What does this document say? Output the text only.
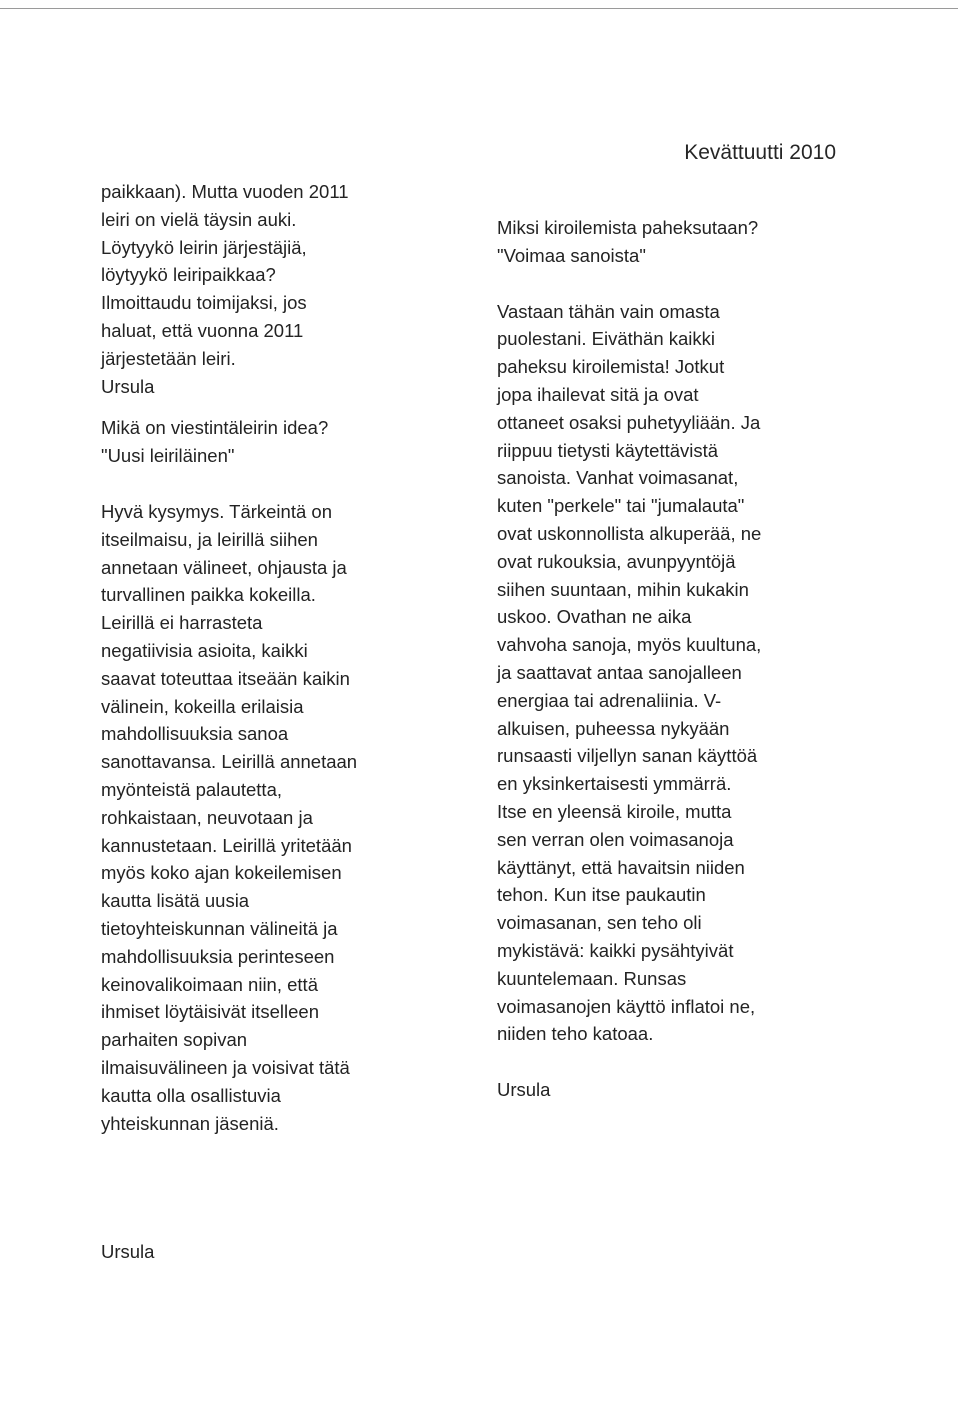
Kevättuutti 2010
paikkaan). Mutta vuoden 2011
leiri on vielä täysin auki.
Löytyykö leirin järjestäjiä,
löytyykö leiripaikkaa?
Ilmoittaudu toimijaksi, jos
haluat, että vuonna 2011
järjestetään leiri.
Ursula
Mikä on viestintäleirin idea?
"Uusi leiriläinen"
Hyvä kysymys. Tärkeintä on
itseilmaisu, ja leirillä siihen
annetaan välineet, ohjausta ja
turvallinen paikka kokeilla.
Leirillä ei harrasteta
negatiivisia asioita, kaikki
saavat toteuttaa itseään kaikin
välinein, kokeilla erilaisia
mahdollisuuksia sanoa
sanottavansa. Leirillä annetaan
myönteistä palautetta,
rohkaistaan, neuvotaan ja
kannustetaan. Leirillä yritetään
myös koko ajan kokeilemisen
kautta lisätä uusia
tietoyhteiskunnan välineitä ja
mahdollisuuksia perinteseen
keinovalikoimaan niin, että
ihmiset löytäisivät itselleen
parhaiten sopivan
ilmaisuvälineen ja voisivat tätä
kautta olla osallistuvia
yhteiskunnan jäseniä.
Ursula
Miksi kiroilemista paheksutaan?
"Voimaa sanoista"
Vastaan tähän vain omasta
puolestani. Eiväthän kaikki
paheksu kiroilemista! Jotkut
jopa ihailevat sitä ja ovat
ottaneet osaksi puhetyyliään. Ja
riippuu tietysti käytettävistä
sanoista. Vanhat voimasanat,
kuten "perkele" tai "jumalauta"
ovat uskonnollista alkuperää, ne
ovat rukouksia, avunpyyntöjä
siihen suuntaan, mihin kukakin
uskoo. Ovathan ne aika
vahvoha sanoja, myös kuultuna,
ja saattavat antaa sanojalleen
energiaa tai adrenaliinia. V-
alkuisen, puheessa nykyään
runsaasti viljellyn sanan käyttöä
en yksinkertaisesti ymmärrä.
Itse en yleensä kiroile, mutta
sen verran olen voimasanoja
käyttänyt, että havaitsin niiden
tehon. Kun itse paukautin
voimasanan, sen teho oli
mykistävä: kaikki pysähtyivät
kuuntelemaan. Runsas
voimasanojen käyttö inflatoi ne,
niiden teho katoaa.
Ursula
